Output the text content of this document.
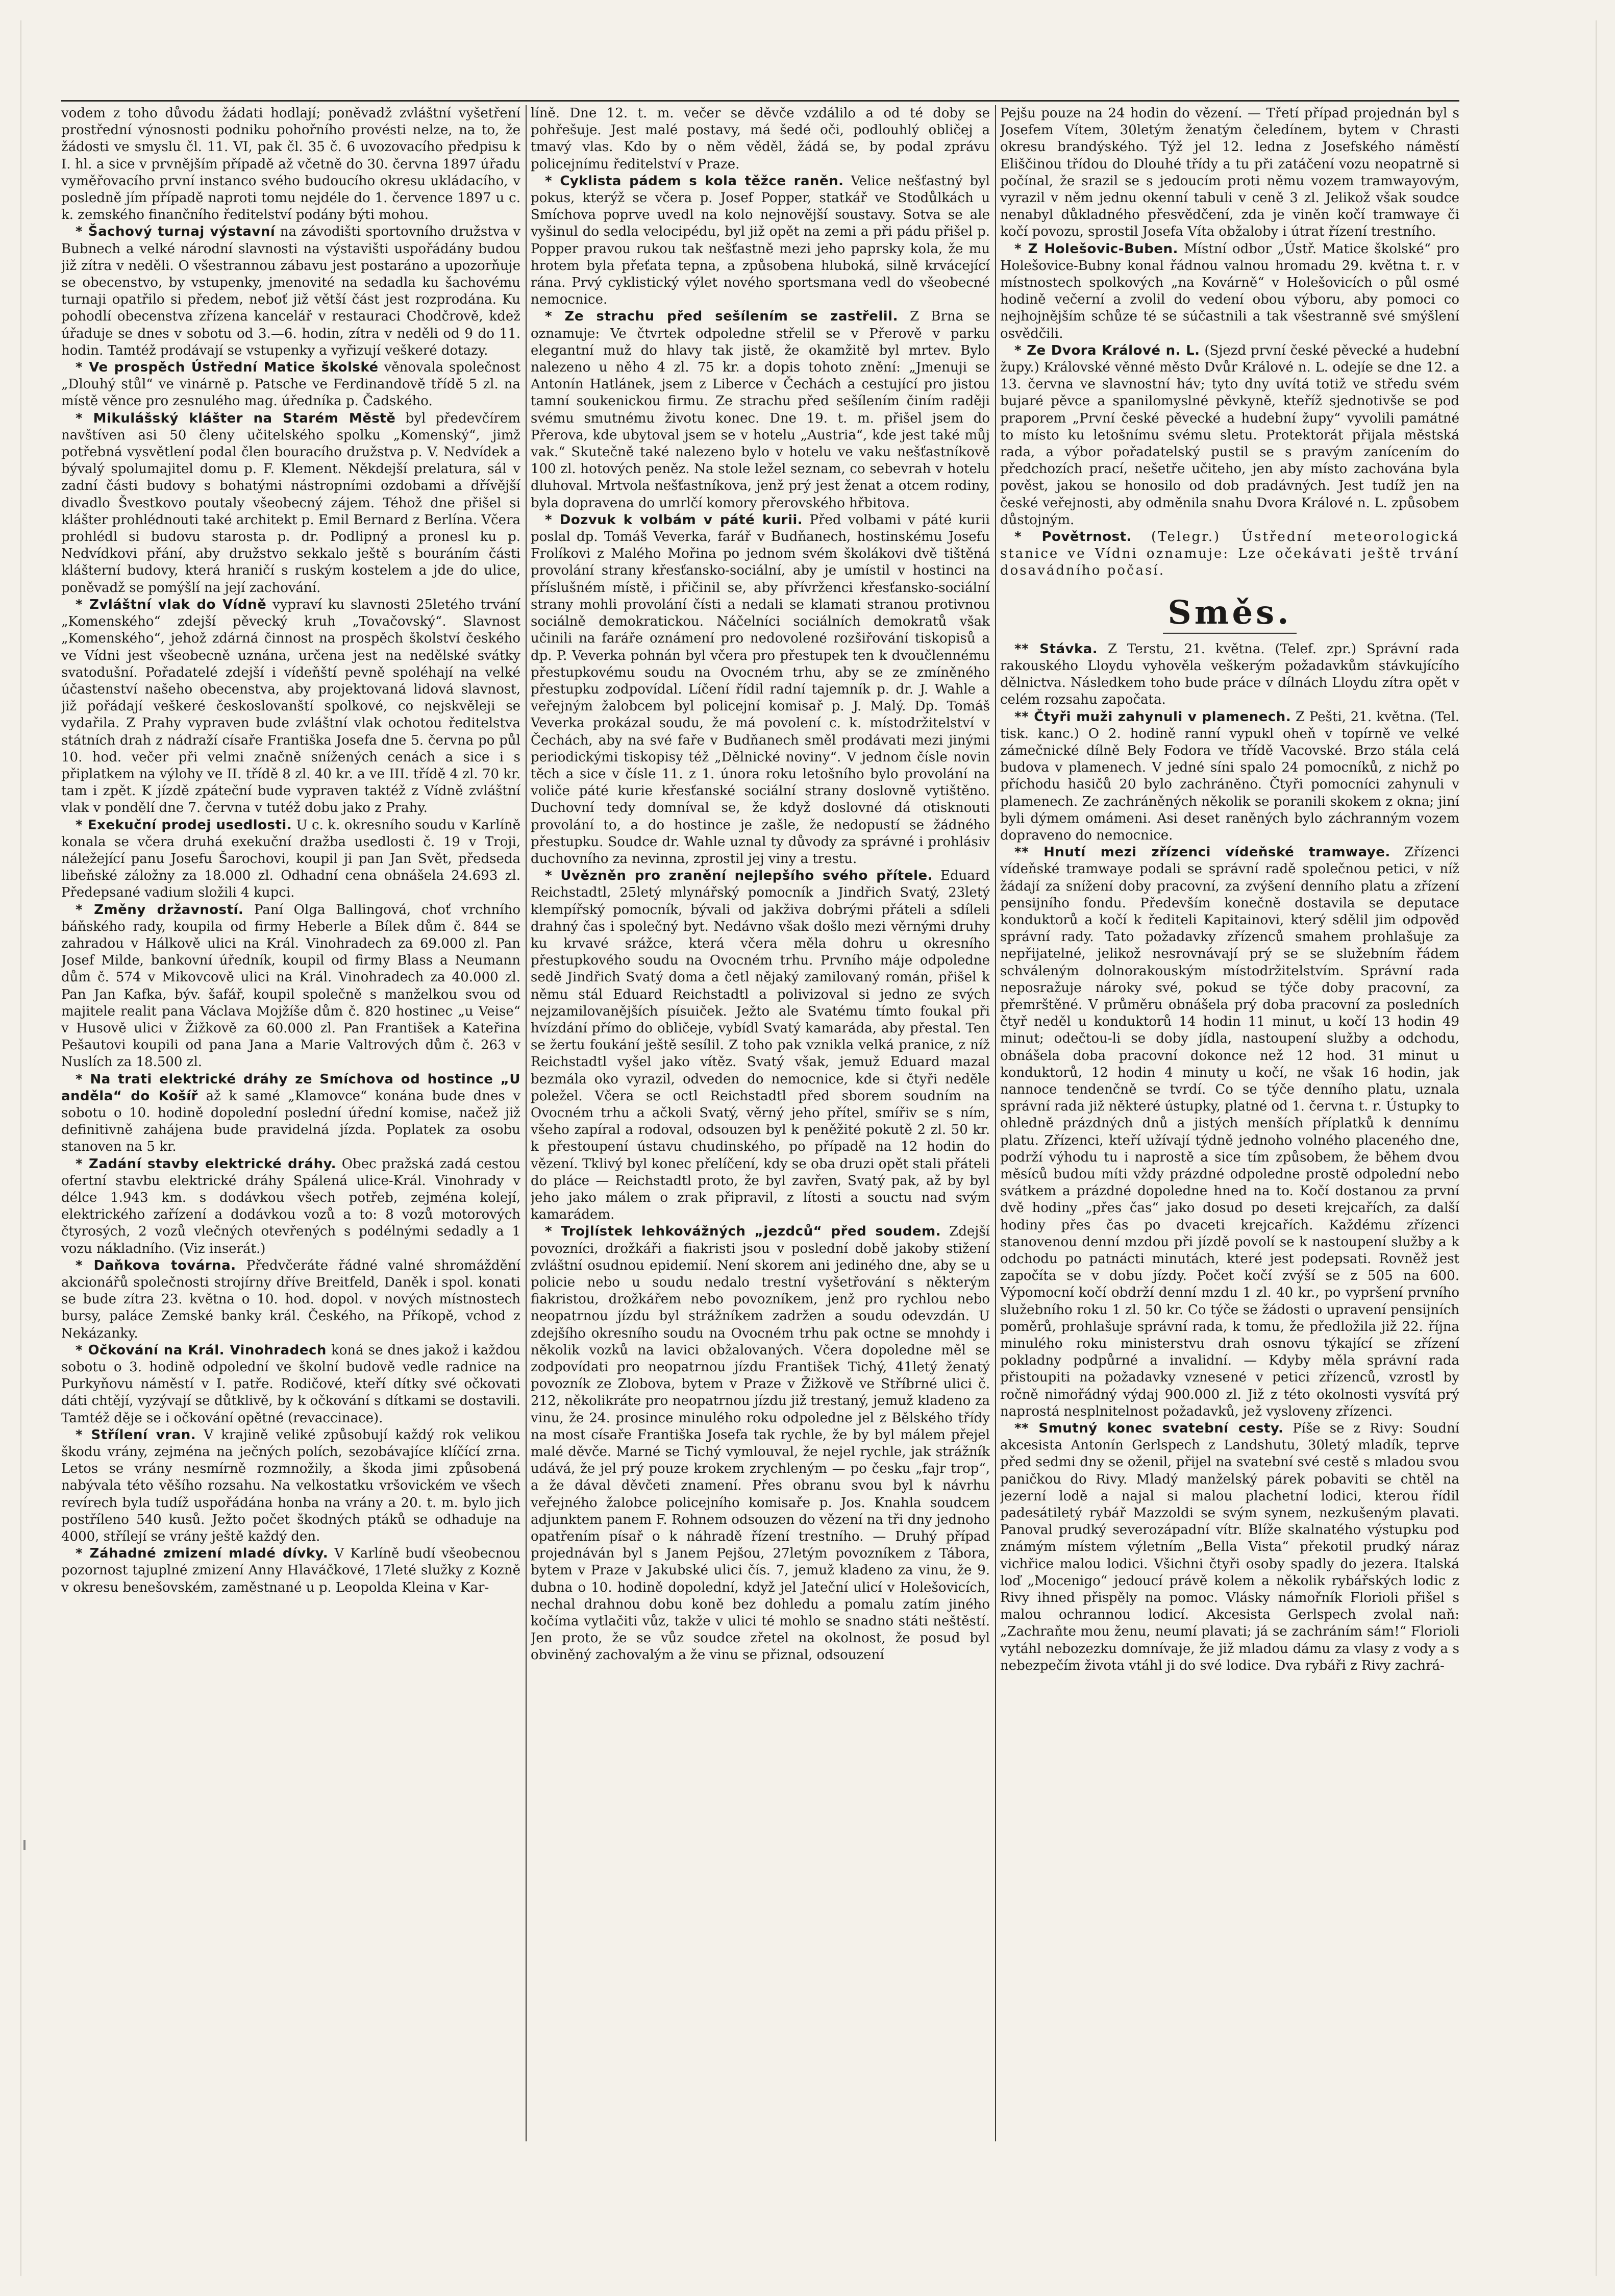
vodem z toho důvodu žádati hodlají; poněvadž zvláštní vyšetření prostřední výnosnosti podniku pohořního provésti nelze, na to, že žádosti ve smyslu čl. 11. VI, pak čl. 35 č. 6 uvozovacího předpisu k I. hl. a sice v prvnějším případě až včetně do 30. června 1897 úřadu vyměřovacího první instanco svého budoucího okresu ukládacího, v posledně jím případě naproti tomu nejdéle do 1. července 1897 u c. k. zemského finančního ředitelství podány býti mohou.

* Šachový turnaj výstavní na závodišti sportovního družstva v Bubnech a velké národní slavnosti na výstavišti uspořádány budou již zítra v neděli. O všestrannou zábavu jest postaráno a upozorňuje se obecenstvo, by vstupenky, jmenovité na sedadla ku šachovému turnaji opatřilo si předem, neboť již větší část jest rozprodána. Ku pohodlí obecenstva zřízena kancelář v restauraci Chodčrově, kdež úřaduje se dnes v sobotu od 3.—6. hodin, zítra v neděli od 9 do 11. hodin. Tamtéž prodávají se vstupenky a vyřizují veškeré dotazy.

* Ve prospěch Ústřední Matice školské věnovala společnost „Dlouhý stůl“ ve vinárně p. Patsche ve Ferdinandově třídě 5 zl. na místě věnce pro zesnulého mag. úředníka p. Čadského.

* Mikulášský klášter na Starém Městě byl předevčírem navštíven asi 50 členy učitelského spolku „Komenský“, jimž potřebná vysvětlení podal člen bouracího družstva p. V. Nedvídek a bývalý spolumajitel domu p. F. Klement. Někdejší prelatura, sál v zadní části budovy s bohatými nástropními ozdobami a dřívější divadlo Švestkovo poutaly všeobecný zájem. Téhož dne přišel si klášter prohlédnouti také architekt p. Emil Bernard z Berlína. Včera prohlédl si budovu starosta p. dr. Podlipný a pronesl ku p. Nedvídkovi přání, aby družstvo sekkalo ještě s bouráním části klášterní budovy, která hraničí s ruským kostelem a jde do ulice, poněvadž se pomýšlí na její zachování.

* Zvláštní vlak do Vídně vypraví ku slavnosti 25letého trvání „Komenského“ zdejší pěvecký kruh „Tovačovský“. Slavnost „Komenského“, jehož zdárná činnost na prospěch školství českého ve Vídni jest všeobecně uznána, určena jest na nedělské svátky svatodušní. Pořadatelé zdejší i vídeňští pevně spoléhají na velké účastenství našeho obecenstva, aby projektovaná lidová slavnost, již pořádají veškeré českoslovanští spolkové, co nejskvěleji se vydařila. Z Prahy vypraven bude zvláštní vlak ochotou ředitelstva státních drah z nádraží císaře Františka Josefa dne 5. června po půl 10. hod. večer při velmi značně snížených cenách a sice i s připlatkem na výlohy ve II. třídě 8 zl. 40 kr. a ve III. třídě 4 zl. 70 kr. tam i zpět. K jízdě zpáteční bude vypraven taktéž z Vídně zvláštní vlak v pondělí dne 7. června v tutéž dobu jako z Prahy.

* Exekuční prodej usedlosti. U c. k. okresního soudu v Karlíně konala se včera druhá exekuční dražba usedlosti č. 19 v Troji, náležející panu Josefu Šarochovi, koupil ji pan Jan Svět, předseda libeňské záložny za 18.000 zl. Odhadní cena obnášela 24.693 zl. Předepsané vadium složili 4 kupci.

* Změny državností. Paní Olga Ballingová, choť vrchního báňského rady, koupila od firmy Heberle a Bílek dům č. 844 se zahradou v Hálkově ulici na Král. Vinohradech za 69.000 zl. Pan Josef Milde, bankovní úředník, koupil od firmy Blass a Neumann dům č. 574 v Mikovcově ulici na Král. Vinohradech za 40.000 zl. Pan Jan Kafka, býv. šafář, koupil společně s manželkou svou od majitele realit pana Václava Mojžíše dům č. 820 hostinec „u Veise“ v Husově ulici v Žižkově za 60.000 zl. Pan František a Kateřina Pešautovi koupili od pana Jana a Marie Valtrových dům č. 263 v Nuslích za 18.500 zl.

* Na trati elektrické dráhy ze Smíchova od hostince „U anděla“ do Košíř až k samé „Klamovce“ konána bude dnes v sobotu o 10. hodině dopolední poslední úřední komise, načež již definitivně zahájena bude pravidelná jízda. Poplatek za osobu stanoven na 5 kr.

* Zadání stavby elektrické dráhy. Obec pražská zadá cestou ofertní stavbu elektrické dráhy Spálená ulice-Král. Vinohrady v délce 1.943 km. s dodávkou všech potřeb, zejména kolejí, elektrického zařízení a dodávkou vozů a to: 8 vozů motorových čtyrosých, 2 vozů vlečných otevřených s podélnými sedadly a 1 vozu nákladního. (Viz inserát.)

* Daňkova továrna. Předvčeráte řádné valné shromáždění akcionářů společnosti strojírny dříve Breitfeld, Daněk i spol. konati se bude zítra 23. května o 10. hod. dopol. v nových místnostech bursy, paláce Zemské banky král. Českého, na Příkopě, vchod z Nekázanky.

* Očkování na Král. Vinohradech koná se dnes jakož i každou sobotu o 3. hodině odpolední ve školní budově vedle radnice na Purkyňovu náměstí v I. patře. Rodičové, kteří dítky své očkovati dáti chtějí, vyzývají se důtklivě, by k očkování s dítkami se dostavili. Tamtéž děje se i očkování opětné (revaccinace).

* Střílení vran. V krajině veliké způsobují každý rok velikou škodu vrány, zejména na ječných polích, sezobávajíce klíčící zrna. Letos se vrány nesmírně rozmnožily, a škoda jimi způsobená nabývala této věšího rozsahu. Na velkostatku vršovickém ve všech revírech byla tudíž uspořádána honba na vrány a 20. t. m. bylo jich postříleno 540 kusů. Ježto počet škodných ptáků se odhaduje na 4000, střílejí se vrány ještě každý den.

* Záhadné zmizení mladé dívky. V Karlíně budí všeobecnou pozornost tajuplné zmizení Anny Hlaváčkové, 17leté služky z Kozně v okresu benešovském, zaměstnané u p. Leopolda Kleina v Kar-

líně. Dne 12. t. m. večer se děvče vzdálilo a od té doby se pohřešuje. Jest malé postavy, má šedé oči, podlouhlý obličej a tmavý vlas. Kdo by o něm věděl, žádá se, by podal zprávu policejnímu ředitelství v Praze.

* Cyklista pádem s kola těžce raněn. Velice nešťastný byl pokus, kterýž se včera p. Josef Popper, statkář ve Stodůlkách u Smíchova poprve uvedl na kolo nejnovější soustavy. Sotva se ale vyšinul do sedla velocipédu, byl již opět na zemi a při pádu přišel p. Popper pravou rukou tak nešťastně mezi jeho paprsky kola, že mu hrotem byla přeťata tepna, a způsobena hluboká, silně krvácející rána. Prvý cyklistický výlet nového sportsmana vedl do všeobecné nemocnice.

* Ze strachu před sešílením se zastřelil. Z Brna se oznamuje: Ve čtvrtek odpoledne střelil se v Přerově v parku elegantní muž do hlavy tak jistě, že okamžitě byl mrtev. Bylo nalezeno u něho 4 zl. 75 kr. a dopis tohoto znění: „Jmenuji se Antonín Hatlánek, jsem z Liberce v Čechách a cestující pro jistou tamní soukenickou firmu. Ze strachu před sešílením činím raději svému smutnému životu konec. Dne 19. t. m. přišel jsem do Přerova, kde ubytoval jsem se v hotelu „Austria“, kde jest také můj vak.“ Skutečně také nalezeno bylo v hotelu ve vaku nešťastníkově 100 zl. hotových peněz. Na stole ležel seznam, co sebevrah v hotelu dluhoval. Mrtvola nešťastníkova, jenž prý jest ženat a otcem rodiny, byla dopravena do umrlčí komory přerovského hřbitova.

* Dozvuk k volbám v páté kurii. Před volbami v páté kurii poslal dp. Tomáš Veverka, farář v Budňanech, hostinskému Josefu Frolíkovi z Malého Mořina po jednom svém školákovi dvě tištěná provolání strany křesťansko-sociální, aby je umístil v hostinci na příslušném místě, i přičinil se, aby přívrženci křesťansko-sociální strany mohli provolání čísti a nedali se klamati stranou protivnou sociálně demokratickou. Náčelníci sociálních demokratů však učinili na faráře oznámení pro nedovolené rozšiřování tiskopisů a dp. P. Veverka pohnán byl včera pro přestupek ten k dvoučlennému přestupkovému soudu na Ovocném trhu, aby se ze zmíněného přestupku zodpovídal. Líčení řídil radní tajemník p. dr. J. Wahle a veřejným žalobcem byl policejní komisař p. J. Malý. Dp. Tomáš Veverka prokázal soudu, že má povolení c. k. místodržitelství v Čechách, aby na své faře v Budňanech směl prodávati mezi jinými periodickými tiskopisy též „Dělnické noviny“. V jednom čísle novin těch a sice v čísle 11. z 1. února roku letošního bylo provolání na voliče páté kurie křesťanské sociální strany doslovně vytištěno. Duchovní tedy domníval se, že když doslovné dá otisknouti provolání to, a do hostince je zašle, že nedopustí se žádného přestupku. Soudce dr. Wahle uznal ty důvody za správné i prohlásiv duchovního za nevinna, zprostil jej viny a trestu.

* Uvězněn pro zranění nejlepšího svého přítele. Eduard Reichstadtl, 25letý mlynářský pomocník a Jindřich Svatý, 23letý klempířský pomocník, bývali od jakživa dobrými přáteli a sdíleli drahný čas i společný byt. Nedávno však došlo mezi věrnými druhy ku krvavé srážce, která včera měla dohru u okresního přestupkového soudu na Ovocném trhu. Prvního máje odpoledne sedě Jindřich Svatý doma a četl nějaký zamilovaný román, přišel k němu stál Eduard Reichstadtl a polivizoval si jedno ze svých nejzamilovanějších písuiček. Ježto ale Svatému tímto foukal při hvízdání přímo do obličeje, vybídl Svatý kamaráda, aby přestal. Ten se žertu foukání ještě sesílil. Z toho pak vznikla velká pranice, z níž Reichstadtl vyšel jako vítěz. Svatý však, jemuž Eduard mazal bezmála oko vyrazil, odveden do nemocnice, kde si čtyři neděle poležel. Včera se octl Reichstadtl před sborem soudním na Ovocném trhu a ačkoli Svatý, věrný jeho přítel, smířiv se s ním, všeho zapíral a rodoval, odsouzen byl k peněžité pokutě 2 zl. 50 kr. k přestoupení ústavu chudinského, po případě na 12 hodin do vězení. Tklivý byl konec přelíčení, kdy se oba druzi opět stali přáteli do pláce — Reichstadtl proto, že byl zavřen, Svatý pak, až by byl jeho jako málem o zrak připravil, z lítosti a souctu nad svým kamarádem.

* Trojlístek lehkovážných „jezdců“ před soudem. Zdejší povozníci, drožkáři a fiakristi jsou v poslední době jakoby stižení zvláštní osudnou epidemií. Není skorem ani jediného dne, aby se u policie nebo u soudu nedalo trestní vyšetřování s některým fiakristou, drožkářem nebo povozníkem, jenž pro rychlou nebo neopatrnou jízdu byl strážníkem zadržen a soudu odevzdán. U zdejšího okresního soudu na Ovocném trhu pak octne se mnohdy i několik vozků na lavici obžalovaných. Včera dopoledne měl se zodpovídati pro neopatrnou jízdu František Tichý, 41letý ženatý povozník ze Zlobova, bytem v Praze v Žižkově ve Stříbrné ulici č. 212, několikráte pro neopatrnou jízdu již trestaný, jemuž kladeno za vinu, že 24. prosince minulého roku odpoledne jel z Bělského třídy na most císaře Františka Josefa tak rychle, že by byl málem přejel malé děvče. Marné se Tichý vymlouval, že nejel rychle, jak strážník udává, že jel prý pouze krokem zrychleným — po česku „fajr trop“, a že dával děvčeti znamení. Přes obranu svou byl k návrhu veřejného žalobce policejního komisaře p. Jos. Knahla soudcem adjunktem panem F. Rohnem odsouzen do vězení na tři dny jednoho opatřením písař o k náhradě řízení trestního. — Druhý případ projednáván byl s Janem Pejšou, 27letým povozníkem z Tábora, bytem v Praze v Jakubské ulici čís. 7, jemuž kladeno za vinu, že 9. dubna o 10. hodině dopolední, když jel Jateční ulicí v Holešovicích, nechal drahnou dobu koně bez dohledu a pomalu zatím jiného kočíma vytlačiti vůz, takže v ulici té mohlo se snadno státi neštěstí. Jen proto, že se vůz soudce zřetel na okolnost, že posud byl obviněný zachovalým a že vinu se přiznal, odsouzení

Pejšu pouze na 24 hodin do vězení. — Třetí případ projednán byl s Josefem Vítem, 30letým ženatým čeledínem, bytem v Chrasti okresu brandýského. Týž jel 12. ledna z Josefského náměstí Eliščinou třídou do Dlouhé třídy a tu při zatáčení vozu neopatrně si počínal, že srazil se s jedoucím proti němu vozem tramwayovým, vyrazil v něm jednu okenní tabuli v ceně 3 zl. Jelikož však soudce nenabyl důkladného přesvědčení, zda je viněn kočí tramwaye či kočí povozu, sprostil Josefa Víta obžaloby i útrat řízení trestního.

* Z Holešovic-Buben. Místní odbor „Ústř. Matice školské“ pro Holešovice-Bubny konal řádnou valnou hromadu 29. května t. r. v místnostech spolkových „na Kovárně“ v Holešovicích o půl osmé hodině večerní a zvolil do vedení obou výboru, aby pomoci co nejhojnějším schůze té se súčastnili a tak všestranně své smýšlení osvědčili.

* Ze Dvora Králové n. L. (Sjezd první české pěvecké a hudební župy.) Královské věnné město Dvůr Králové n. L. odejíe se dne 12. a 13. června ve slavnostní háv; tyto dny uvítá totiž ve středu svém bujaré pěvce a spanilomyslné pěvkyně, kteříž sjednotivše se pod praporem „První české pěvecké a hudební župy“ vyvolili památné to místo ku letošnímu svému sletu. Protektorát přijala městská rada, a výbor pořadatelský pustil se s pravým zanícením do předchozích prací, nešetře učiteho, jen aby místo zachována byla pověst, jakou se honosilo od dob pradávných. Jest tudíž jen na české veřejnosti, aby odměnila snahu Dvora Králové n. L. způsobem důstojným.

* Povětrnost. (Telegr.) Ústřední meteorologická stanice ve Vídni oznamuje: Lze očekávati ještě trvání dosavádního počasí.

Směs.

** Stávka. Z Terstu, 21. května. (Telef. zpr.) Správní rada rakouského Lloydu vyhověla veškerým požadavkům stávkujícího dělnictva. Následkem toho bude práce v dílnách Lloydu zítra opět v celém rozsahu započata.

** Čtyři muži zahynuli v plamenech. Z Pešti, 21. května. (Tel. tisk. kanc.) O 2. hodině ranní vypukl oheň v topírně ve velké zámečnické dílně Bely Fodora ve třídě Vacovské. Brzo stála celá budova v plamenech. V jedné síni spalo 24 pomocníků, z nichž po příchodu hasičů 20 bylo zachráněno. Čtyři pomocníci zahynuli v plamenech. Ze zachráněných několik se poranili skokem z okna; jiní byli dýmem omámeni. Asi deset raněných bylo záchranným vozem dopraveno do nemocnice.

** Hnutí mezi zřízenci vídeňské tramwaye. Zřízenci vídeňské tramwaye podali se správní radě společnou petici, v níž žádají za snížení doby pracovní, za zvýšení denního platu a zřízení pensijního fondu. Především konečně dostavila se deputace konduktorů a kočí k řediteli Kapitainovi, který sdělil jim odpověď správní rady. Tato požadavky zřízenců smahem prohlašuje za nepřijatelné, jelikož nesrovnávají prý se se služebním řádem schváleným dolnorakouským místodržitelstvím. Správní rada neposražuje nároky své, pokud se týče doby pracovní, za přemrštěné. V průměru obnášela prý doba pracovní za posledních čtyř neděl u konduktorů 14 hodin 11 minut, u kočí 13 hodin 49 minut; odečtou-li se doby jídla, nastoupení služby a odchodu, obnášela doba pracovní dokonce než 12 hod. 31 minut u konduktorů, 12 hodin 4 minuty u kočí, ne však 16 hodin, jak nannoce tendenčně se tvrdí. Co se týče denního platu, uznala správní rada již některé ústupky, platné od 1. června t. r. Ústupky to ohledně prázdných dnů a jistých menších příplatků k dennímu platu. Zřízenci, kteří užívají týdně jednoho volného placeného dne, podrží výhodu tu i naprostě a sice tím způsobem, že během dvou měsíců budou míti vždy prázdné odpoledne prostě odpolední nebo svátkem a prázdné dopoledne hned na to. Kočí dostanou za první dvě hodiny „přes čas“ jako dosud po deseti krejcařích, za další hodiny přes čas po dvaceti krejcařích. Každému zřízenci stanovenou denní mzdou při jízdě povolí se k nastoupení služby a k odchodu po patnácti minutách, které jest podepsati. Rovněž jest započíta se v dobu jízdy. Počet kočí zvýší se z 505 na 600. Výpomocní kočí obdrží denní mzdu 1 zl. 40 kr., po vypršení prvního služebního roku 1 zl. 50 kr. Co týče se žádosti o upravení pensijních poměrů, prohlašuje správní rada, k tomu, že předložila již 22. října minulého roku ministerstvu drah osnovu týkající se zřízení pokladny podpůrné a invalidní. — Kdyby měla správní rada přistoupiti na požadavky vznesené v petici zřízenců, vzrostl by ročně nimořádný výdaj 900.000 zl. Již z této okolnosti vysvítá prý naprostá nesplnitelnost požadavků, jež vysloveny zřízenci.

** Smutný konec svatební cesty. Píše se z Rivy: Soudní akcesista Antonín Gerlspech z Landshutu, 30letý mladík, teprve před sedmi dny se oženil, přijel na svatební své cestě s mladou svou paničkou do Rivy. Mladý manželský párek pobaviti se chtěl na jezerní lodě a najal si malou plachetní lodici, kterou řídil padesátiletý rybář Mazzoldi se svým synem, nezkušeným plavati. Panoval prudký severozápadní vítr. Blíže skalnatého výstupku pod známým místem výletním „Bella Vista“ překotil prudký náraz vichřice malou lodici. Všichni čtyři osoby spadly do jezera. Italská loď „Mocenigo“ jedoucí právě kolem a několik rybářských lodic z Rivy ihned přispěly na pomoc. Vlásky námořník Florioli přišel s malou ochrannou lodicí. Akcesista Gerlspech zvolal naň: „Zachraňte mou ženu, neumí plavati; já se zachráním sám!“ Florioli vytáhl nebozezku domnívaje, že již mladou dámu za vlasy z vody a s nebezpečím života vtáhl ji do své lodice. Dva rybáři z Rivy zachrá-
